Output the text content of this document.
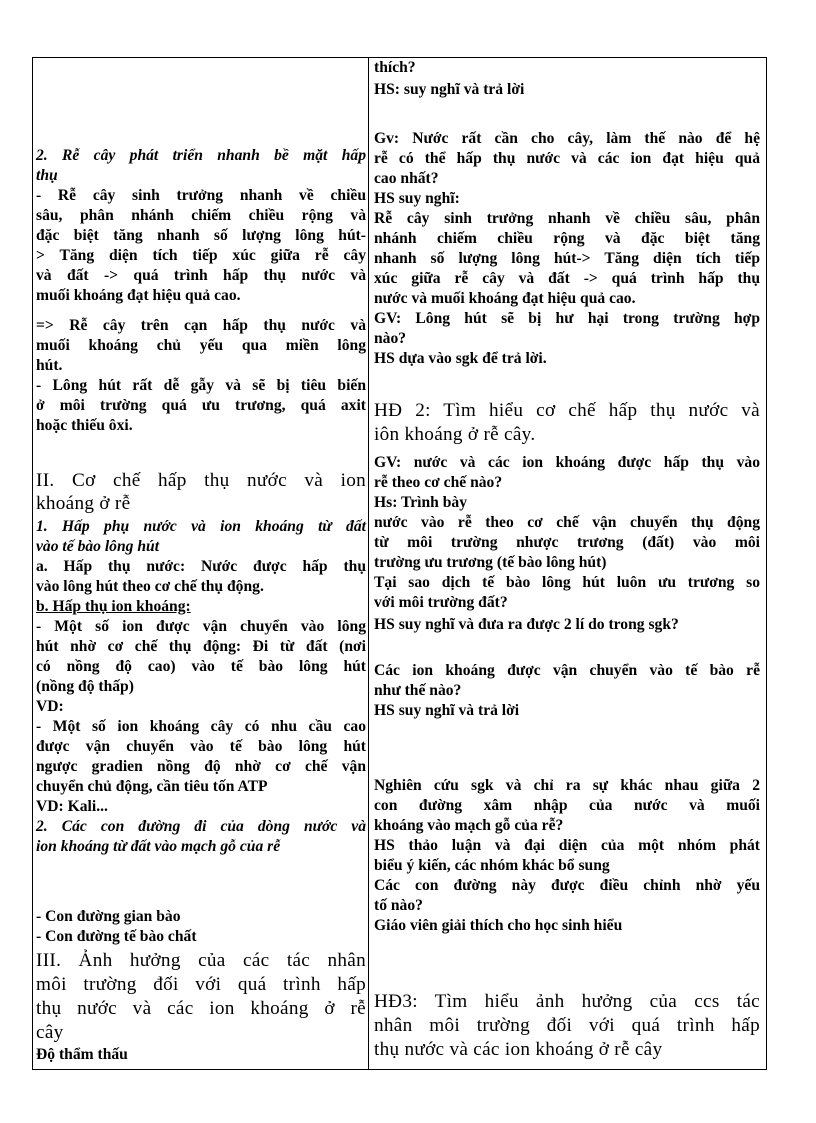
2. Rễ cây phát triển nhanh bề mặt hấp
thụ
- Rễ cây sinh trưởng nhanh về chiều
sâu, phân nhánh chiếm chiều rộng và
đặc biệt tăng nhanh số lượng lông hút-
> Tăng diện tích tiếp xúc giữa rễ cây
và đất -> quá trình hấp thụ nước và
muối khoáng đạt hiệu quả cao.
=> Rễ cây trên cạn hấp thụ nước và
muối khoáng chủ yếu qua miền lông
hút.
- Lông hút rất dễ gẫy và sẽ bị tiêu biến
ở môi trường quá ưu trương, quá axit
hoặc thiếu ôxi.
II. Cơ chế hấp thụ nước và ion
khoáng ở rễ
1. Hấp phụ nước và ion khoáng từ đất
vào tế bào lông hút
a. Hấp thụ nước: Nước được hấp thụ
vào lông hút theo cơ chế thụ động.
b. Hấp thụ ion khoáng:
- Một số ion được vận chuyển vào lông
hút nhờ cơ chế thụ động: Đi từ đất (nơi
có nồng độ cao) vào tế bào lông hút
(nồng độ thấp)
VD:
- Một số ion khoáng cây có nhu cầu cao
được vận chuyển vào tế bào lông hút
ngược gradien nồng độ nhờ cơ chế vận
chuyển chủ động, cần tiêu tốn ATP
VD: Kali...
2. Các con đường đi của dòng nước và
ion khoáng từ đất vào mạch gỗ của rễ
- Con đường gian bào
- Con đường tế bào chất
III. Ảnh hưởng của các tác nhân
môi trường đối với quá trình hấp
thụ nước và các ion khoáng ở rễ
cây
Độ thẩm thấu
thích?
HS: suy nghĩ và trả lời
Gv: Nước rất cần cho cây, làm thế nào để hệ
rễ có thể hấp thụ nước và các ion đạt hiệu quả
cao nhất?
HS suy nghĩ:
Rễ cây sinh trưởng nhanh về chiều sâu, phân
nhánh chiếm chiều rộng và đặc biệt tăng
nhanh số lượng lông hút-> Tăng diện tích tiếp
xúc giữa rễ cây và đất -> quá trình hấp thụ
nước và muối khoáng đạt hiệu quả cao.
GV: Lông hút sẽ bị hư hại trong trường hợp
nào?
HS dựa vào sgk để trả lời.
HĐ 2: Tìm hiểu cơ chế hấp thụ nước và
iôn khoáng ở rễ cây.
GV: nước và các ion khoáng được hấp thụ vào
rễ theo cơ chế nào?
Hs: Trình bày
nước vào rễ theo cơ chế vận chuyển thụ động
từ môi trường nhược trương (đất) vào môi
trường ưu trương (tế bào lông hút)
Tại sao dịch tế bào lông hút luôn ưu trương so
với môi trường đất?
HS suy nghĩ và đưa ra được 2 lí do trong sgk?
Các ion khoáng được vận chuyển vào tế bào rễ
như thế nào?
HS suy nghĩ và trả lời
Nghiên cứu sgk và chỉ ra sự khác nhau giữa 2
con đường xâm nhập của nước và muối
khoáng vào mạch gỗ của rễ?
HS thảo luận và đại diện của một nhóm phát
biểu ý kiến, các nhóm khác bổ sung
Các con đường này được điều chỉnh nhờ yếu
tố nào?
Giáo viên giải thích cho học sinh hiểu
HĐ3: Tìm hiểu ảnh hưởng của ccs tác
nhân môi trường đối với quá trình hấp
thụ nước và các ion khoáng ở rễ cây
